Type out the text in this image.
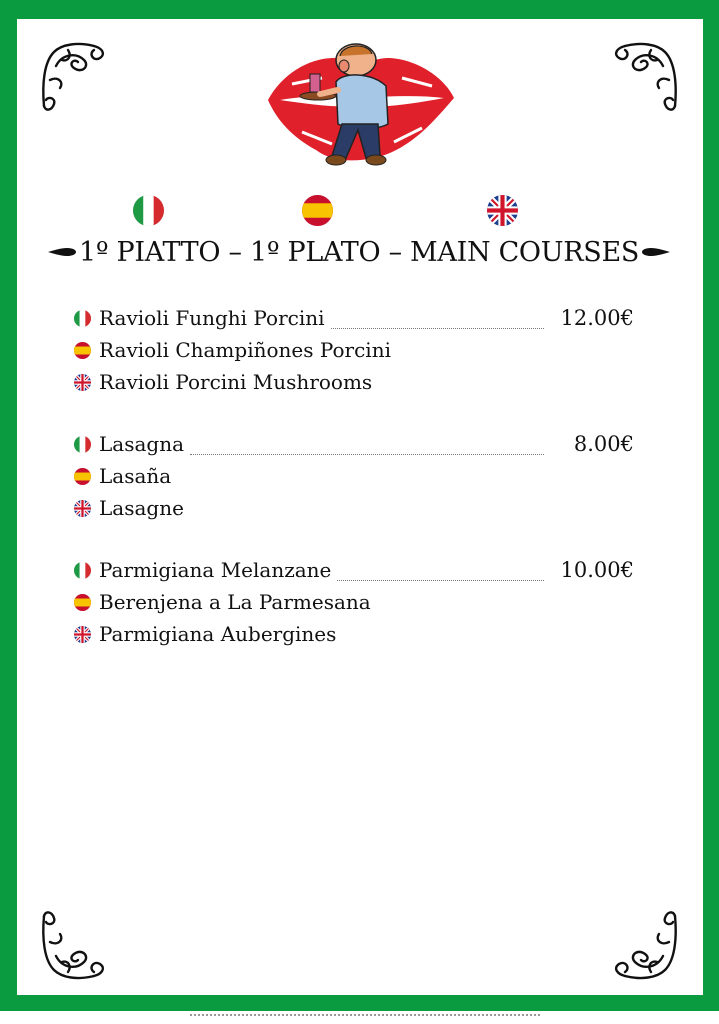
1º PIATTO – 1º PLATO – MAIN COURSES
Ravioli Funghi Porcini	12.00€
Ravioli Champiñones Porcini
Ravioli Porcini Mushrooms
Lasagna	8.00€
Lasaña
Lasagne
Parmigiana Melanzane	10.00€
Berenjena a La Parmesana
Parmigiana Aubergines
